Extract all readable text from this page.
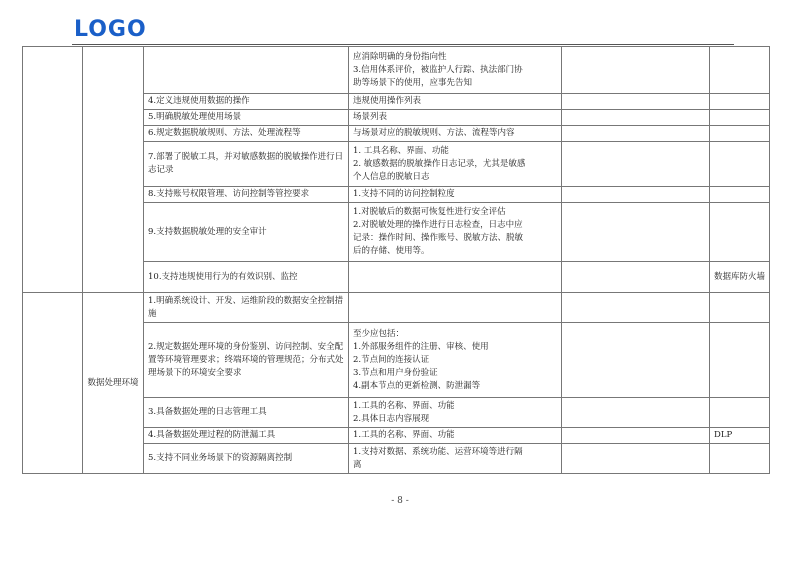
LOGO

			应消除明确的身份指向性
3.信用体系评价，被监护人行踪、执法部门协
助等场景下的使用，应事先告知		

		4.定义违规使用数据的操作	违规使用操作列表		

		5.明确脱敏处理使用场景	场景列表		

		6.规定数据脱敏规则、方法、处理流程等	与场景对应的脱敏规则、方法、流程等内容		

		7.部署了脱敏工具，并对敏感数据的脱敏操作进行日志记录	1. 工具名称、界面、功能
2. 敏感数据的脱敏操作日志记录，尤其是敏感
个人信息的脱敏日志		

		8.支持账号权限管理、访问控制等管控要求	1.支持不同的访问控制粒度		

		9.支持数据脱敏处理的安全审计	1.对脱敏后的数据可恢复性进行安全评估
2.对脱敏处理的操作进行日志检查，日志中应
记录：操作时间、操作账号、脱敏方法、脱敏
后的存储、使用等。		

		10.支持违规使用行为的有效识别、监控			数据库防火墙
	数据处理环境	1.明确系统设计、开发、运维阶段的数据安全控制措施			
		2.规定数据处理环境的身份鉴别、访问控制、安全配置等环境管理要求；终端环境的管理规范；分布式处理场景下的环境安全要求	至少应包括：
1.外部服务组件的注册、审核、使用
2.节点间的连接认证
3.节点和用户身份验证
4.副本节点的更新检测、防泄漏等		

		3.具备数据处理的日志管理工具	1.工具的名称、界面、功能
2.具体日志内容展现		

		4.具备数据处理过程的防泄漏工具	1.工具的名称、界面、功能		DLP

		5.支持不同业务场景下的资源隔离控制	1.支持对数据、系统功能、运营环境等进行隔
离		

- 8 -
